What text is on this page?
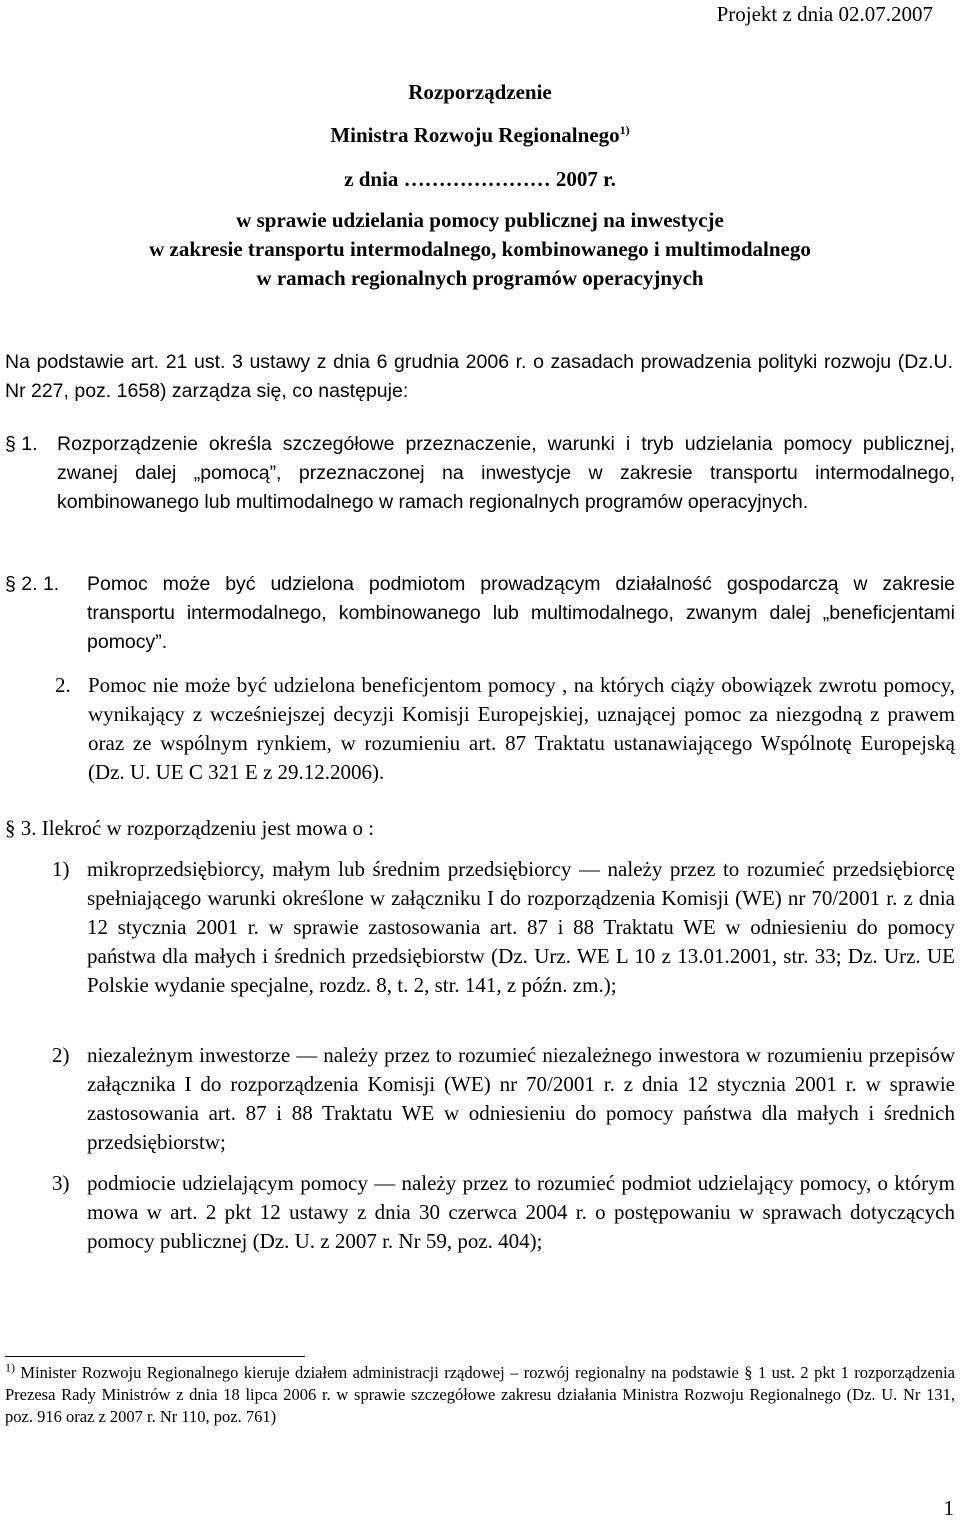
Projekt z dnia 02.07.2007
Rozporządzenie
Ministra Rozwoju Regionalnego$^{1)}$
z dnia ………………… 2007 r.
w sprawie udzielania pomocy publicznej na inwestycje
w zakresie transportu intermodalnego, kombinowanego i multimodalnego
w ramach regionalnych programów operacyjnych
Na podstawie art. 21 ust. 3 ustawy z dnia 6 grudnia 2006 r. o zasadach prowadzenia polityki rozwoju (Dz.U. Nr 227, poz. 1658) zarządza się, co następuje:
§ 1. Rozporządzenie określa szczegółowe przeznaczenie, warunki i tryb udzielania pomocy publicznej, zwanej dalej „pomocą”, przeznaczonej na inwestycje w zakresie transportu intermodalnego, kombinowanego lub multimodalnego w ramach regionalnych programów operacyjnych.
§ 2. 1. Pomoc może być udzielona podmiotom prowadzącym działalność gospodarczą w zakresie transportu intermodalnego, kombinowanego lub multimodalnego, zwanym dalej „beneficjentami pomocy”.
2. Pomoc nie może być udzielona beneficjentom pomocy , na których ciąży obowiązek zwrotu pomocy, wynikający z wcześniejszej decyzji Komisji Europejskiej, uznającej pomoc za niezgodną z prawem oraz ze wspólnym rynkiem, w rozumieniu art. 87 Traktatu ustanawiającego Wspólnotę Europejską (Dz. U. UE C 321 E z 29.12.2006).
§ 3. Ilekroć w rozporządzeniu jest mowa o :
1) mikroprzedsiębiorcy, małym lub średnim przedsiębiorcy — należy przez to rozumieć przedsiębiorcę spełniającego warunki określone w załączniku I do rozporządzenia Komisji (WE) nr 70/2001 r. z dnia 12 stycznia 2001 r. w sprawie zastosowania art. 87 i 88 Traktatu WE w odniesieniu do pomocy państwa dla małych i średnich przedsiębiorstw (Dz. Urz. WE L 10 z 13.01.2001, str. 33; Dz. Urz. UE Polskie wydanie specjalne, rozdz. 8, t. 2, str. 141, z późn. zm.);
2) niezależnym inwestorze — należy przez to rozumieć niezależnego inwestora w rozumieniu przepisów załącznika I do rozporządzenia Komisji (WE) nr 70/2001 r. z dnia 12 stycznia 2001 r. w sprawie zastosowania art. 87 i 88 Traktatu WE w odniesieniu do pomocy państwa dla małych i średnich przedsiębiorstw;
3) podmiocie udzielającym pomocy — należy przez to rozumieć podmiot udzielający pomocy, o którym mowa w art. 2 pkt 12 ustawy z dnia 30 czerwca 2004 r. o postępowaniu w sprawach dotyczących pomocy publicznej (Dz. U. z 2007 r. Nr 59, poz. 404);
$^{1)}$ Minister Rozwoju Regionalnego kieruje działem administracji rządowej – rozwój regionalny na podstawie § 1 ust. 2 pkt 1 rozporządzenia Prezesa Rady Ministrów z dnia 18 lipca 2006 r. w sprawie szczegółowe zakresu działania Ministra Rozwoju Regionalnego (Dz. U. Nr 131, poz. 916 oraz z 2007 r. Nr 110, poz. 761)
1
